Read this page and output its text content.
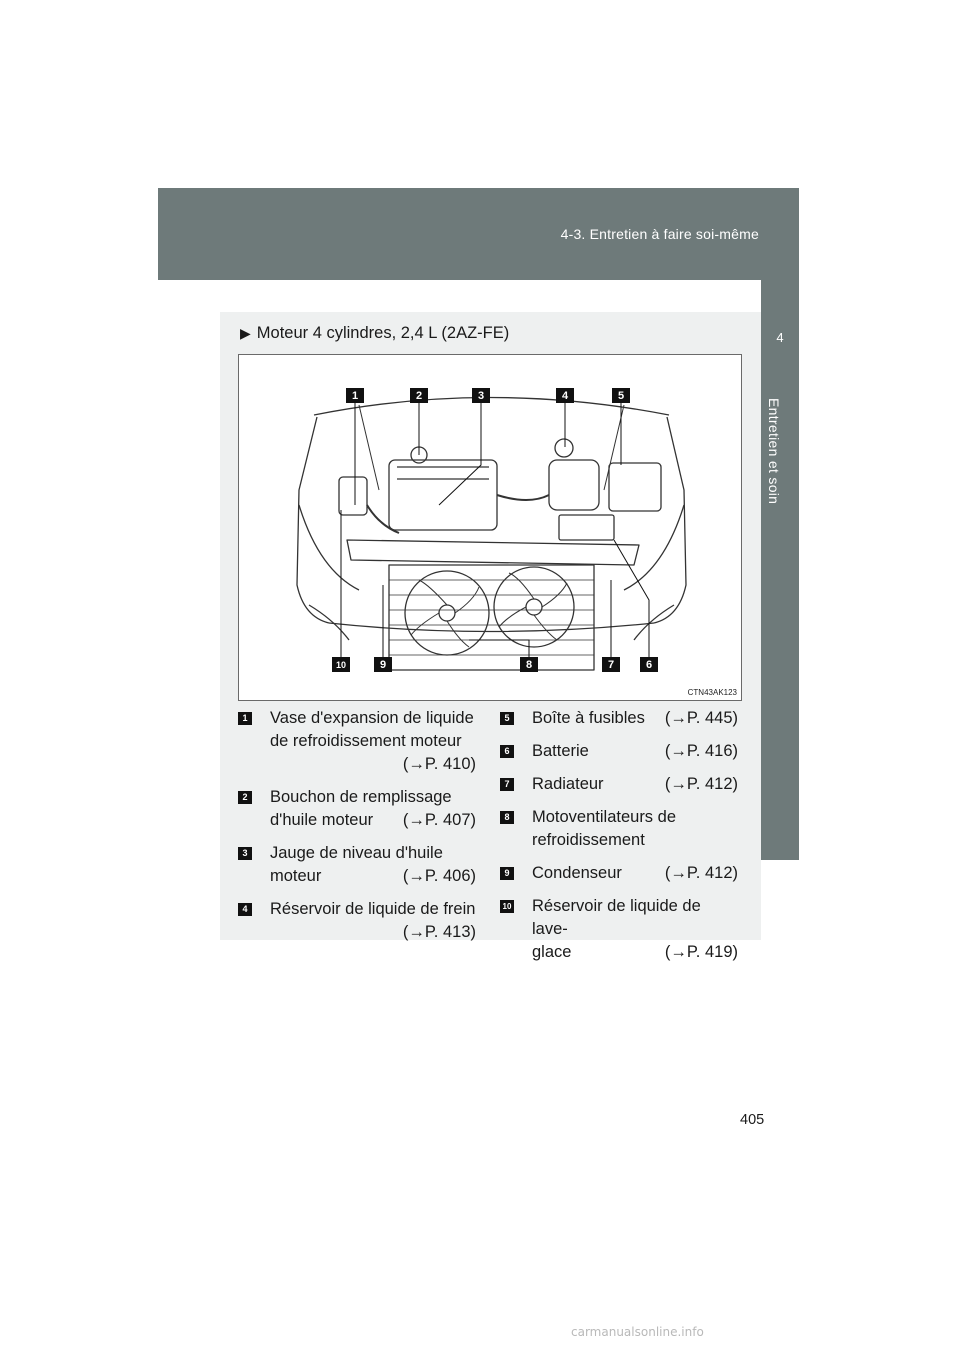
4-3. Entretien à faire soi-même
4
Entretien et soin
▶ Moteur 4 cylindres, 2,4 L (2AZ-FE)
1	2	3	4	5
10	9	8	7	6
CTN43AK123
1 Vase d'expansion de liquide
de refroidissement moteur
(→P. 410)
2 Bouchon de remplissage
d'huile moteur (→P. 407)
3 Jauge de niveau d'huile
moteur	(→P. 406)
4 Réservoir de liquide de frein
(→P. 413)
5 Boîte à fusibles (→P. 445)
6 Batterie	(→P. 416)
7 Radiateur	(→P. 412)
8 Motoventilateurs de
refroidissement
9 Condenseur	(→P. 412)
10 Réservoir de liquide de lave-
glace	(→P. 419)
405
carmanualsonline.info
